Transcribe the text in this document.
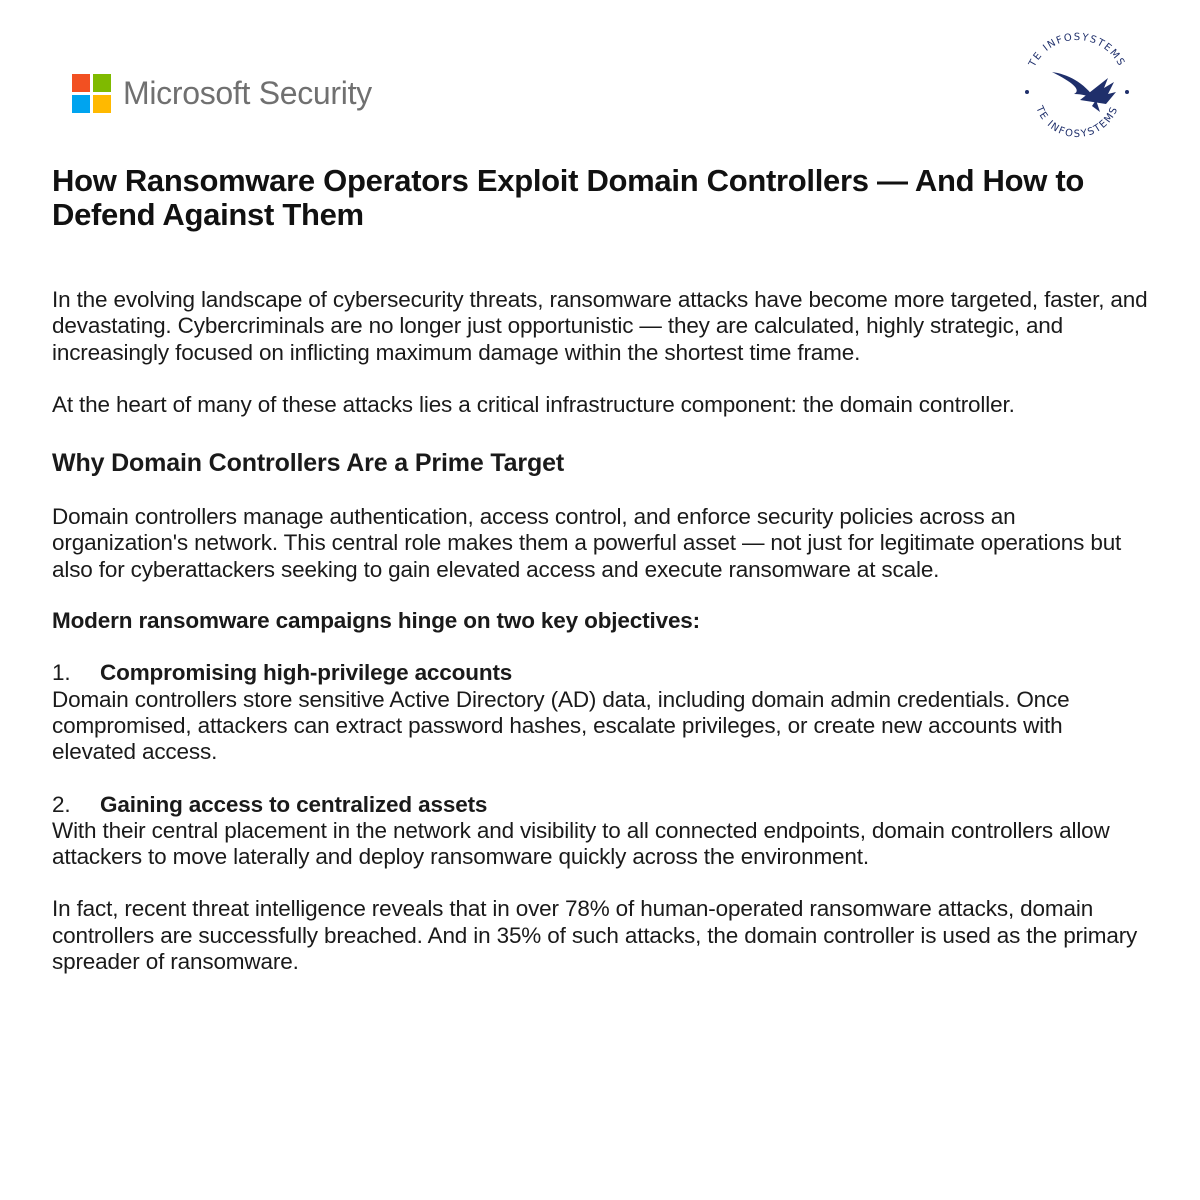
Microsoft Security
TE INFOSYSTEMS
TE INFOSYSTEMS
How Ransomware Operators Exploit Domain Controllers — And How to Defend Against Them

In the evolving landscape of cybersecurity threats, ransomware attacks have become more targeted, faster, and devastating. Cybercriminals are no longer just opportunistic — they are calculated, highly strategic, and increasingly focused on inflicting maximum damage within the shortest time frame.

At the heart of many of these attacks lies a critical infrastructure component: the domain controller.

Why Domain Controllers Are a Prime Target

Domain controllers manage authentication, access control, and enforce security policies across an organization's network. This central role makes them a powerful asset — not just for legitimate operations but also for cyberattackers seeking to gain elevated access and execute ransomware at scale.

Modern ransomware campaigns hinge on two key objectives:

1. Compromising high-privilege accounts
Domain controllers store sensitive Active Directory (AD) data, including domain admin credentials. Once compromised, attackers can extract password hashes, escalate privileges, or create new accounts with elevated access.
2. Gaining access to centralized assets
With their central placement in the network and visibility to all connected endpoints, domain controllers allow attackers to move laterally and deploy ransomware quickly across the environment.

In fact, recent threat intelligence reveals that in over 78% of human-operated ransomware attacks, domain controllers are successfully breached. And in 35% of such attacks, the domain controller is used as the primary spreader of ransomware.
